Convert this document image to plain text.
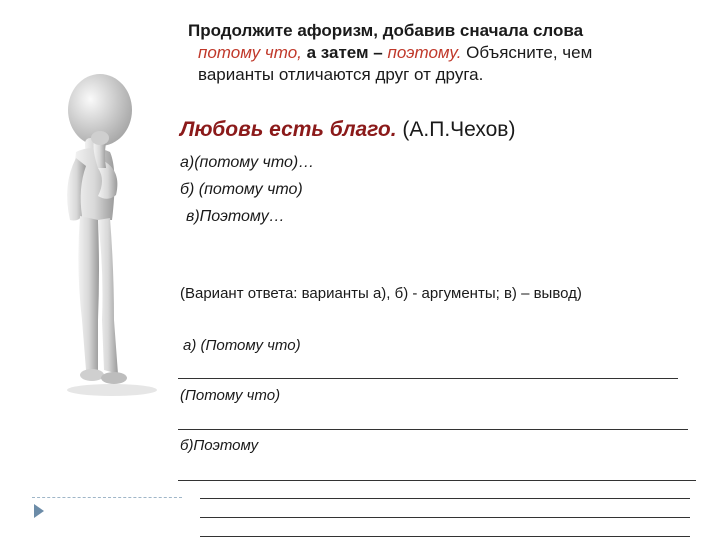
Продолжите афоризм, добавив сначала слова
потому что, а затем – поэтому. Объясните, чем
варианты отличаются друг от друга.
Любовь есть благо. (А.П.Чехов)
а)(потому что)…
б) (потому что)
в)Поэтому…
(Вариант ответа: варианты а), б) - аргументы; в) – вывод)
а) (Потому что)
(Потому что)
б)Поэтому
